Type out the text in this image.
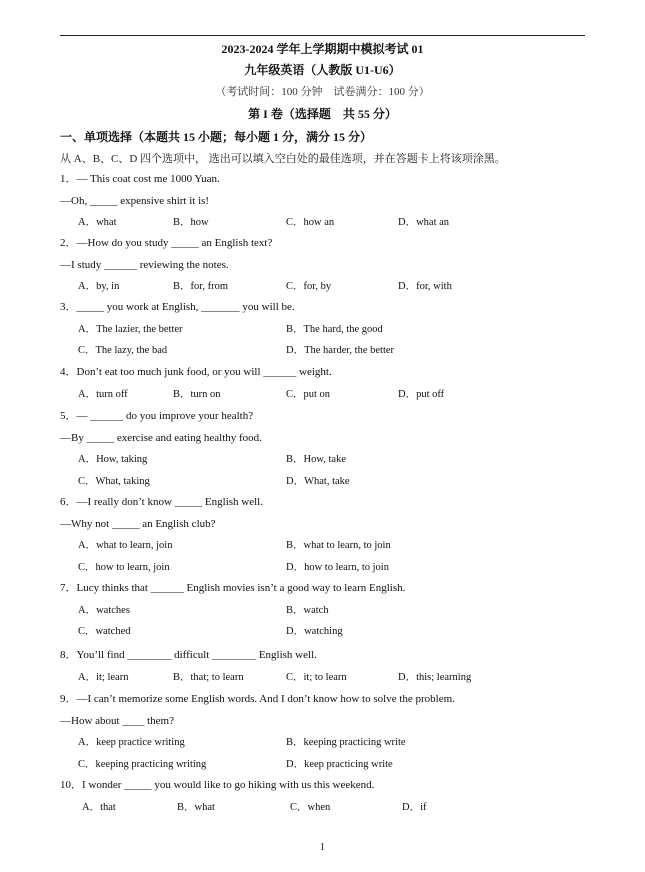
2023-2024 学年上学期期中模拟考试 01
九年级英语（人教版 U1-U6）
（考试时间：100 分钟　试卷满分：100 分）
第 I 卷（选择题　共 55 分）
一、单项选择（本题共 15 小题；每小题 1 分，满分 15 分）
从 A、B、C、D 四个选项中， 选出可以填入空白处的最佳选项，并在答题卡上将该项涂黑。
1．— This coat cost me 1000 Yuan.
—Oh, _____ expensive shirt it is!
A．what	B．how	C．how an	D．what an
2．—How do you study _____ an English text?
—I study ______ reviewing the notes.
A．by, in	B．for, from	C．for, by	D．for, with
3．_____ you work at English, _______ you will be.
A．The lazier, the better	B．The hard, the good
C．The lazy, the bad	D．The harder, the better
4．Don’t eat too much junk food, or you will ______ weight.
A．turn off	B．turn on	C．put on	D．put off
5．— ______ do you improve your health?
—By _____ exercise and eating healthy food.
A．How, taking	B．How, take
C．What, taking	D．What, take
6．—I really don’t know _____ English well.
—Why not _____ an English club?
A．what to learn, join	B．what to learn, to join
C．how to learn, join	D．how to learn, to join
7．Lucy thinks that ______ English movies isn’t a good way to learn English.
A．watches	B．watch
C．watched	D．watching
8．You’ll find ________ difficult ________ English well.
A．it; learn	B．that; to learn	C．it; to learn	D．this; learning
9．—I can’t memorize some English words. And I don’t know how to solve the problem.
—How about ____ them?
A．keep practice writing	B．keeping practicing write
C．keeping practicing writing	D．keep practicing write
10．I wonder _____ you would like to go hiking with us this weekend.
A．that	B．what	C．when	D．if
1
